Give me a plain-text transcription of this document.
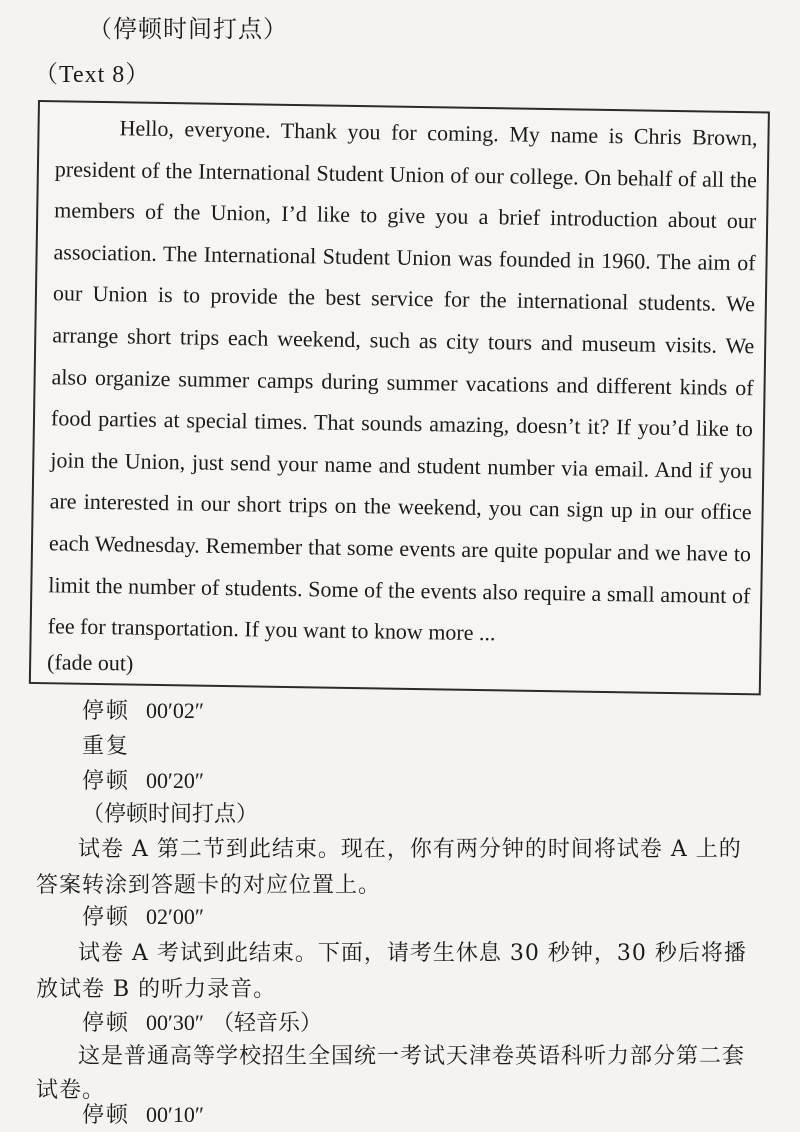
（停顿时间打点）
（Text 8）

Hello, everyone. Thank you for coming. My name is Chris Brown, president of the International Student Union of our college. On behalf of all the members of the Union, I’d like to give you a brief introduction about our association. The International Student Union was founded in 1960. The aim of our Union is to provide the best service for the international students. We arrange short trips each weekend, such as city tours and museum visits. We also organize summer camps during summer vacations and different kinds of food parties at special times. That sounds amazing, doesn’t it? If you’d like to join the Union, just send your name and student number via email. And if you are interested in our short trips on the weekend, you can sign up in our office each Wednesday. Remember that some events are quite popular and we have to limit the number of students. Some of the events also require a small amount of fee for transportation. If you want to know more ...

(fade out)
停顿 00′02″
重复
停顿 00′20″
（停顿时间打点）
试卷 A 第二节到此结束。现在，你有两分钟的时间将试卷 A 上的答案转涂到答题卡的对应位置上。
停顿 02′00″
试卷 A 考试到此结束。下面，请考生休息 30 秒钟，30 秒后将播放试卷 B 的听力录音。
停顿 00′30″ （轻音乐）
这是普通高等学校招生全国统一考试天津卷英语科听力部分第二套试卷。
停顿 00′10″
